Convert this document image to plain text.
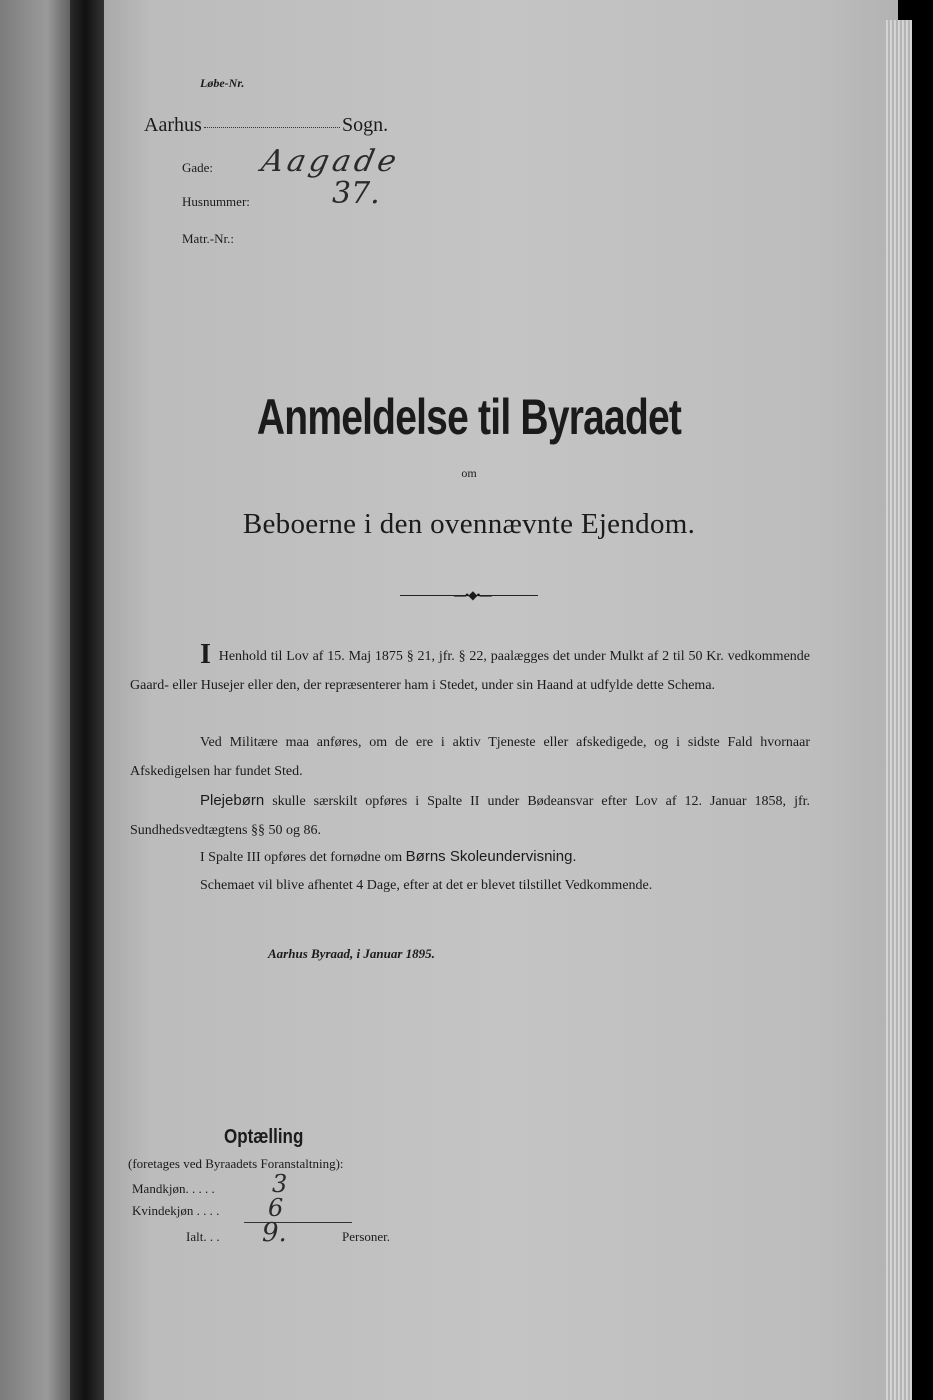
Løbe-Nr.
Aarhus	Sogn.
Gade: Aagade
Husnummer:	37.
Matr.-Nr.:
Anmeldelse til Byraadet
om
Beboerne i den ovennævnte Ejendom.
—•◆•—
I Henhold til Lov af 15. Maj 1875 § 21, jfr. § 22, paalægges det under Mulkt af 2 til 50 Kr. vedkommende Gaard- eller Husejer eller den, der repræsenterer ham i Stedet, under sin Haand at udfylde dette Schema.
Ved Militære maa anføres, om de ere i aktiv Tjeneste eller afskedigede, og i sidste Fald hvornaar Afskedigelsen har fundet Sted.
Plejebørn skulle særskilt opføres i Spalte II under Bødeansvar efter Lov af 12. Januar 1858, jfr. Sundhedsvedtægtens §§ 50 og 86.
I Spalte III opføres det fornødne om Børns Skoleundervisning.
Schemaet vil blive afhentet 4 Dage, efter at det er blevet tilstillet Vedkommende.
Aarhus Byraad, i Januar 1895.
Optælling
(foretages ved Byraadets Foranstaltning):
Mandkjøn. . . . . 3
Kvindekjøn . . . . 6
Ialt. . . 9.	Personer.
